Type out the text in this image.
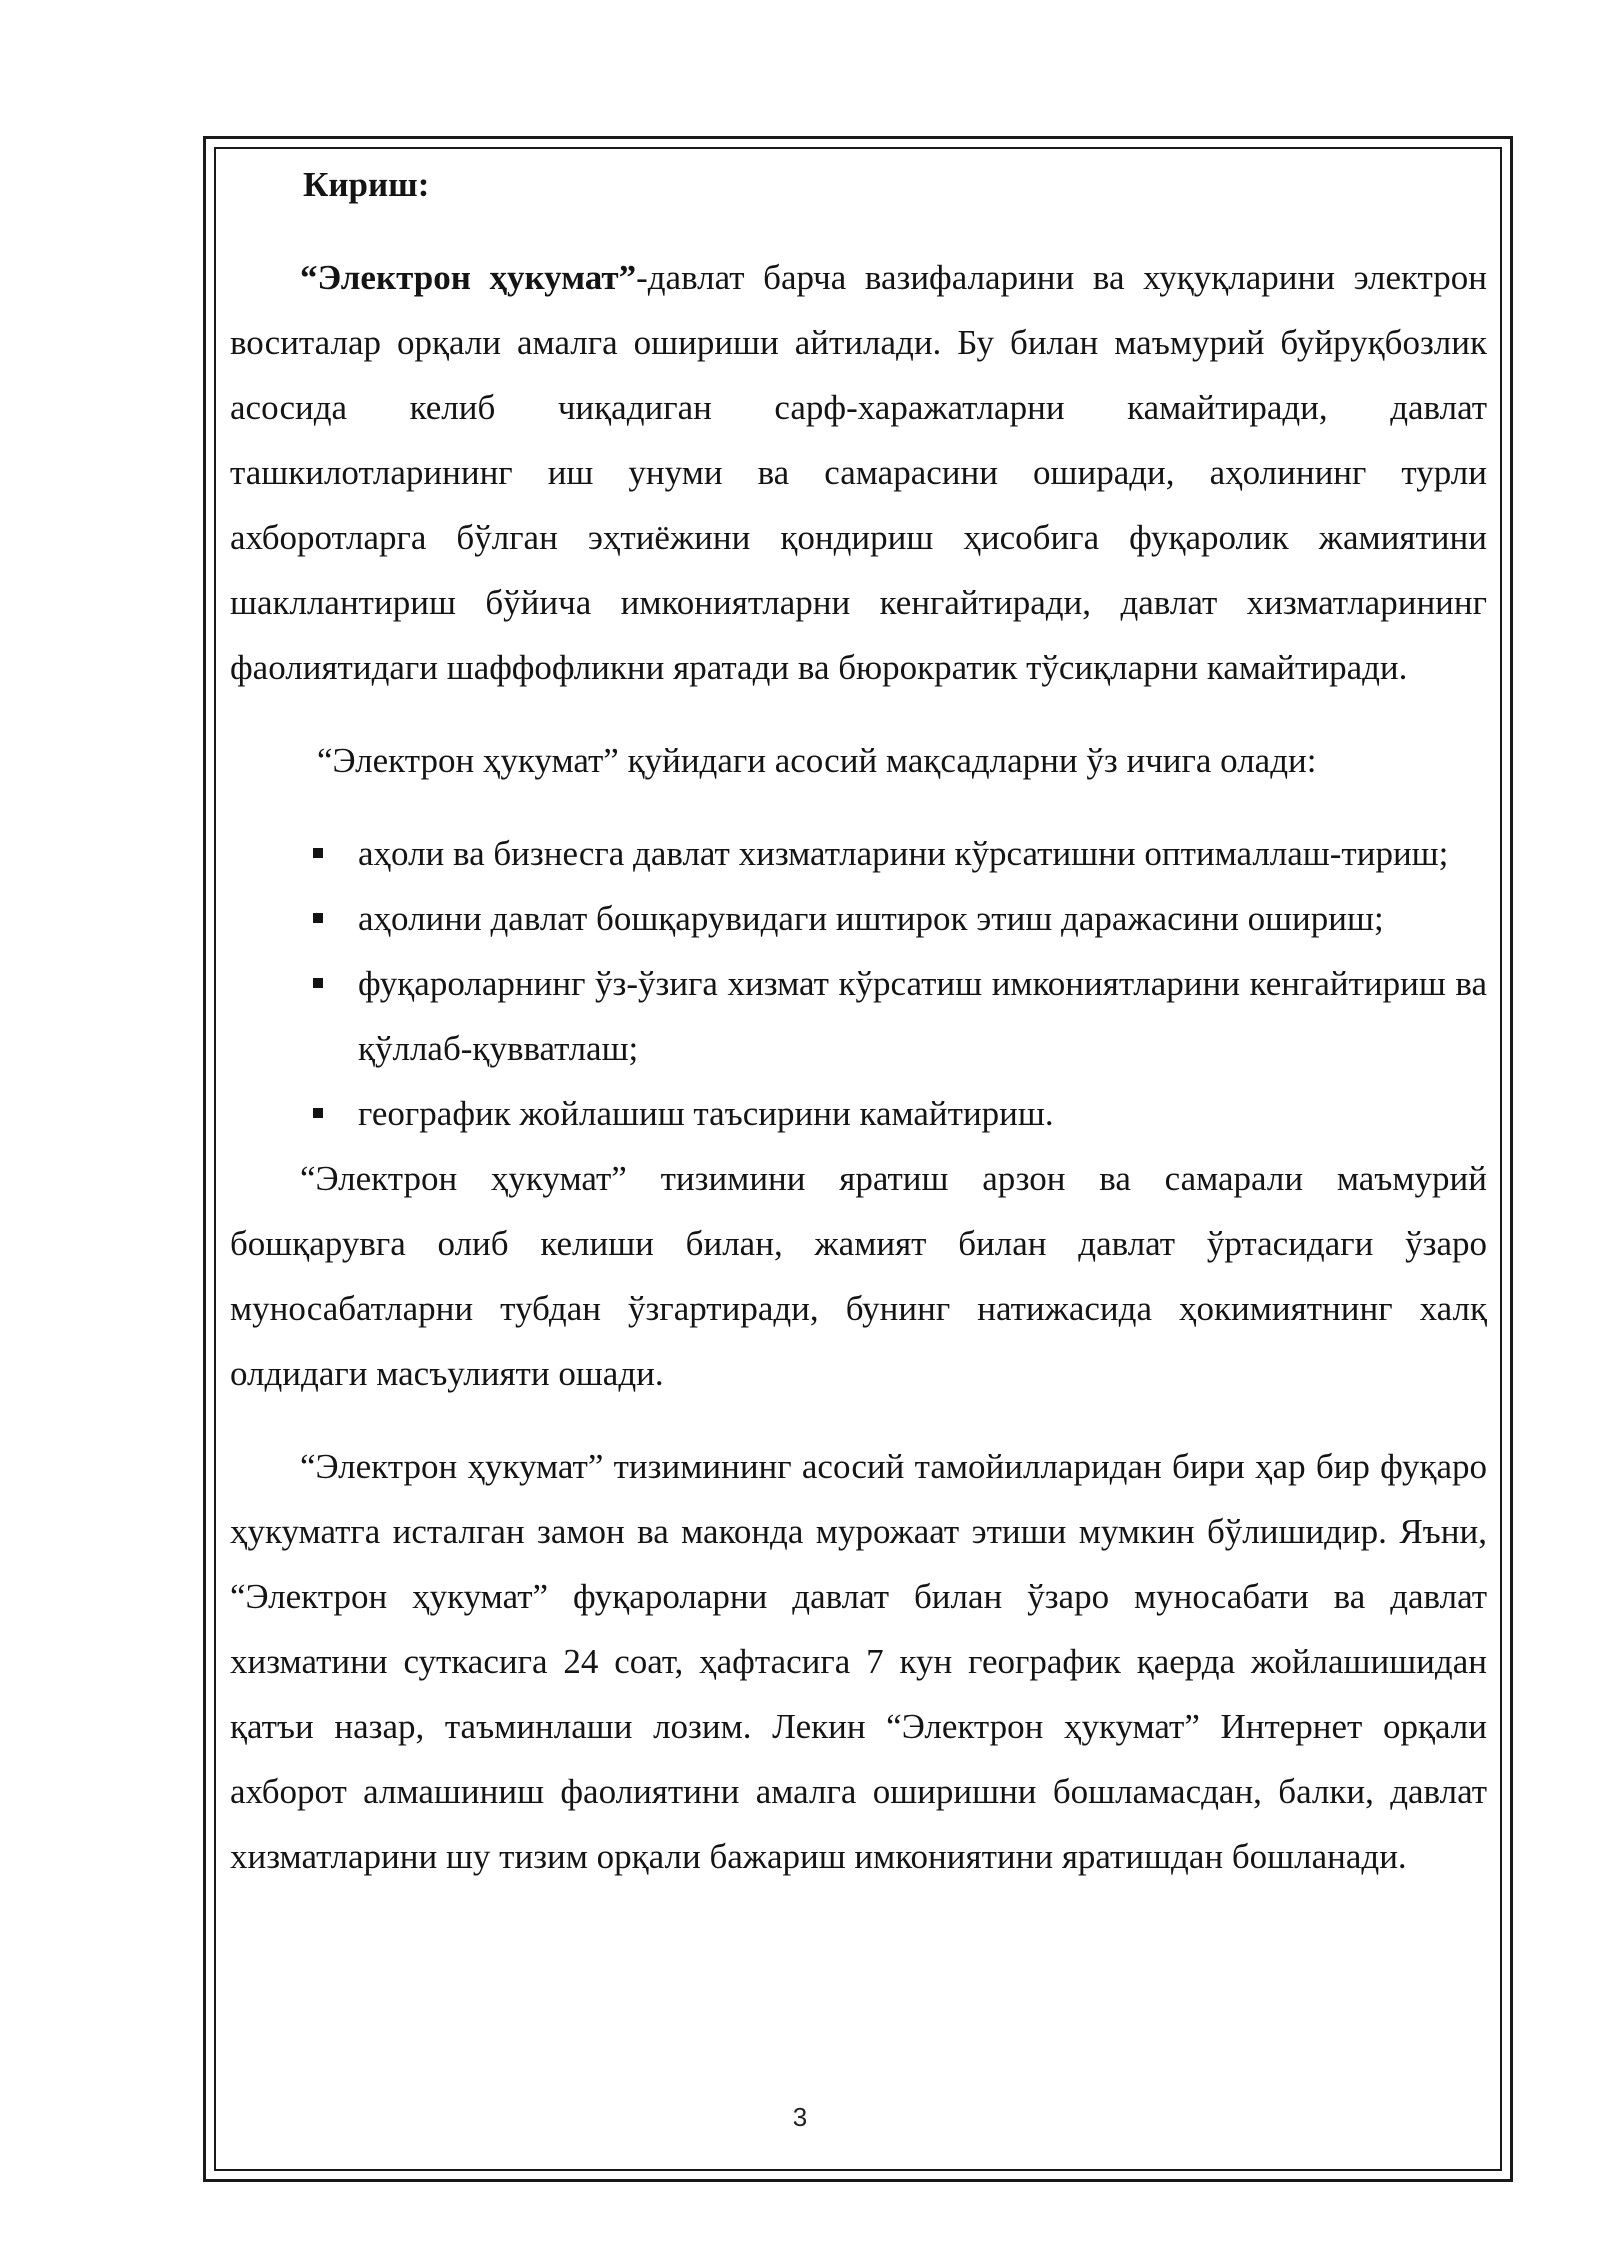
Кириш:

“Электрон ҳукумат”-давлат барча вазифаларини ва хуқуқларини электрон воситалар орқали амалга ошириши айтилади. Бу билан маъмурий буйруқбозлик асосида келиб чиқадиган сарф-харажатларни камайтиради, давлат ташкилотларининг иш унуми ва самарасини оширади, аҳолининг турли ахборотларга бўлган эҳтиёжини қондириш ҳисобига фуқаролик жамиятини шакллантириш бўйича имкониятларни кенгайтиради, давлат хизматларининг фаолиятидаги шаффофликни яратади ва бюрократик тўсиқларни камайтиради.

“Электрон ҳукумат” қуйидаги асосий мақсадларни ўз ичига олади:

аҳоли ва бизнесга давлат хизматларини кўрсатишни оптималлаш-тириш;
аҳолини давлат бошқарувидаги иштирок этиш даражасини ошириш;
фуқароларнинг ўз-ўзига хизмат кўрсатиш имкониятларини кенгайтириш ва қўллаб-қувватлаш;
географик жойлашиш таъсирини камайтириш.

“Электрон ҳукумат” тизимини яратиш арзон ва самарали маъмурий бошқарувга олиб келиши билан, жамият билан давлат ўртасидаги ўзаро муносабатларни тубдан ўзгартиради, бунинг натижасида ҳокимиятнинг халқ олдидаги масъулияти ошади.

“Электрон ҳукумат” тизимининг асосий тамойилларидан бири ҳар бир фуқаро ҳукуматга исталган замон ва маконда мурожаат этиши мумкин бўлишидир. Яъни, “Электрон ҳукумат” фуқароларни давлат билан ўзаро муносабати ва давлат хизматини суткасига 24 соат, ҳафтасига 7 кун географик қаерда жойлашишидан қатъи назар, таъминлаши лозим. Лекин “Электрон ҳукумат” Интернет орқали ахборот алмашиниш фаолиятини амалга оширишни бошламасдан, балки, давлат хизматларини шу тизим орқали бажариш имкониятини яратишдан бошланади.

3
